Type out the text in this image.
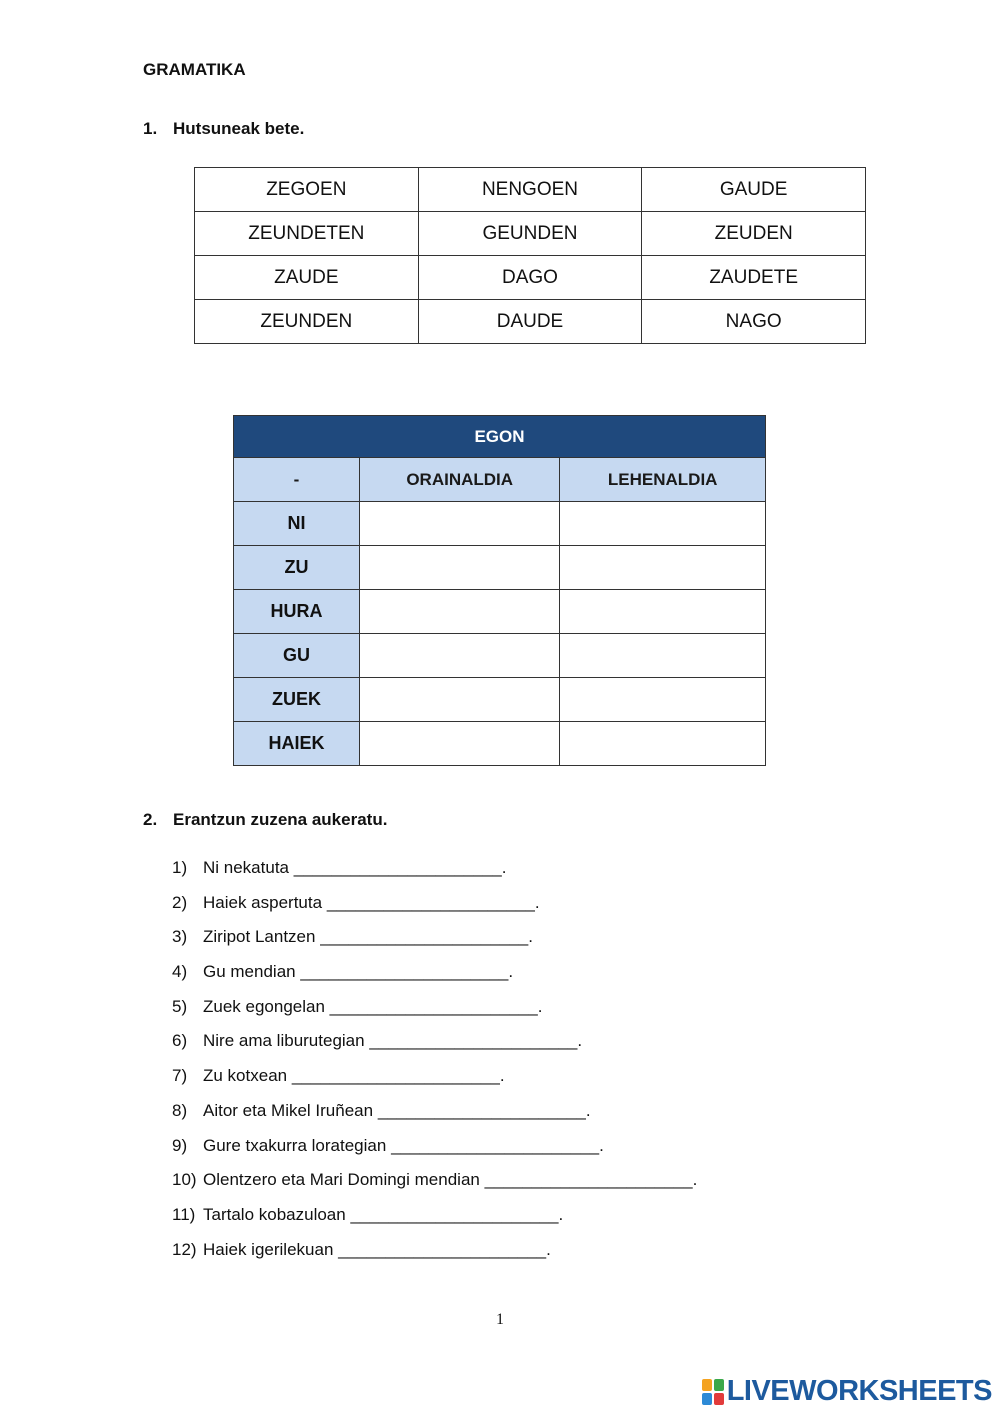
GRAMATIKA
1. Hutsuneak bete.
ZEGOEN	NENGOEN	GAUDE
ZEUNDETEN	GEUNDEN	ZEUDEN
ZAUDE	DAGO	ZAUDETE
ZEUNDEN	DAUDE	NAGO
EGON		
-	ORAINALDIA	LEHENALDIA
NI		
ZU		
HURA		
GU		
ZUEK		
HAIEK		
2. Erantzun zuzena aukeratu.
1) Ni nekatuta ______________________.
2) Haiek aspertuta ______________________.
3) Ziripot Lantzen ______________________.
4) Gu mendian ______________________.
5) Zuek egongelan ______________________.
6) Nire ama liburutegian ______________________.
7) Zu kotxean ______________________.
8) Aitor eta Mikel Iruñean ______________________.
9) Gure txakurra lorategian ______________________.
10) Olentzero eta Mari Domingi mendian ______________________.
11) Tartalo kobazuloan ______________________.
12) Haiek igerilekuan ______________________.
1
LIVEWORKSHEETS
